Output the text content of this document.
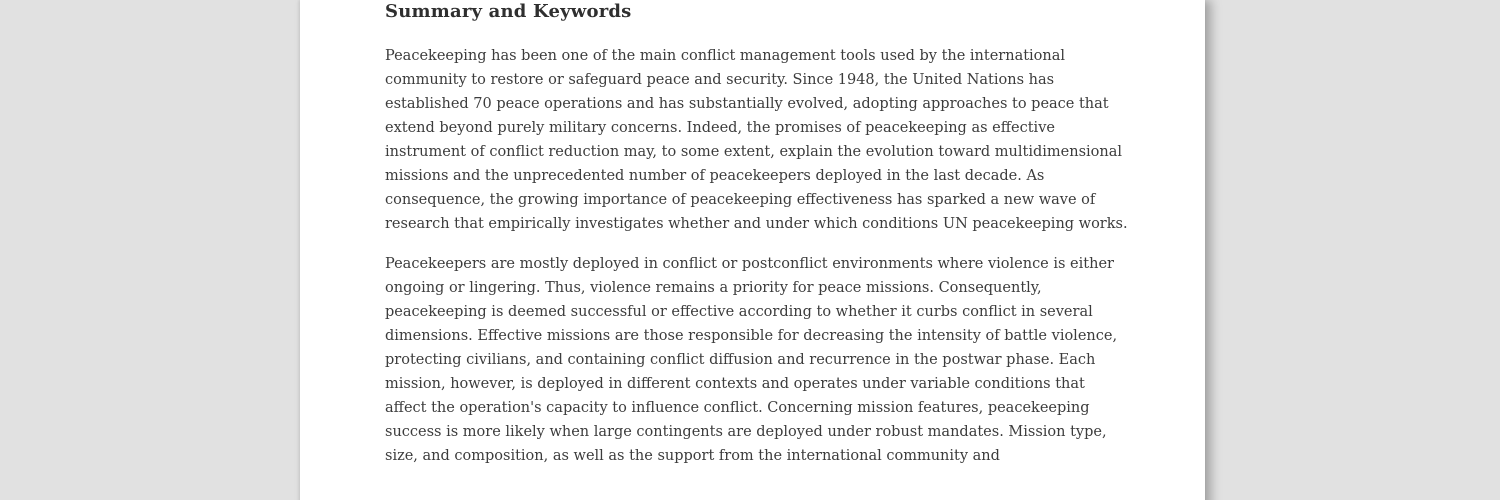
Summary and Keywords

Peacekeeping has been one of the main conflict management tools used by the international community to restore or safeguard peace and security. Since 1948, the United Nations has established 70 peace operations and has substantially evolved, adopting approaches to peace that extend beyond purely military concerns. Indeed, the promises of peacekeeping as effective instrument of conflict reduction may, to some extent, explain the evolution toward multidimensional missions and the unprecedented number of peacekeepers deployed in the last decade. As consequence, the growing importance of peacekeeping effectiveness has sparked a new wave of research that empirically investigates whether and under which conditions UN peacekeeping works.

Peacekeepers are mostly deployed in conflict or postconflict environments where violence is either ongoing or lingering. Thus, violence remains a priority for peace missions. Consequently, peacekeeping is deemed successful or effective according to whether it curbs conflict in several dimensions. Effective missions are those responsible for decreasing the intensity of battle violence, protecting civilians, and containing conflict diffusion and recurrence in the postwar phase. Each mission, however, is deployed in different contexts and operates under variable conditions that affect the operation's capacity to influence conflict. Concerning mission features, peacekeeping success is more likely when large contingents are deployed under robust mandates. Mission type, size, and composition, as well as the support from the international community and
